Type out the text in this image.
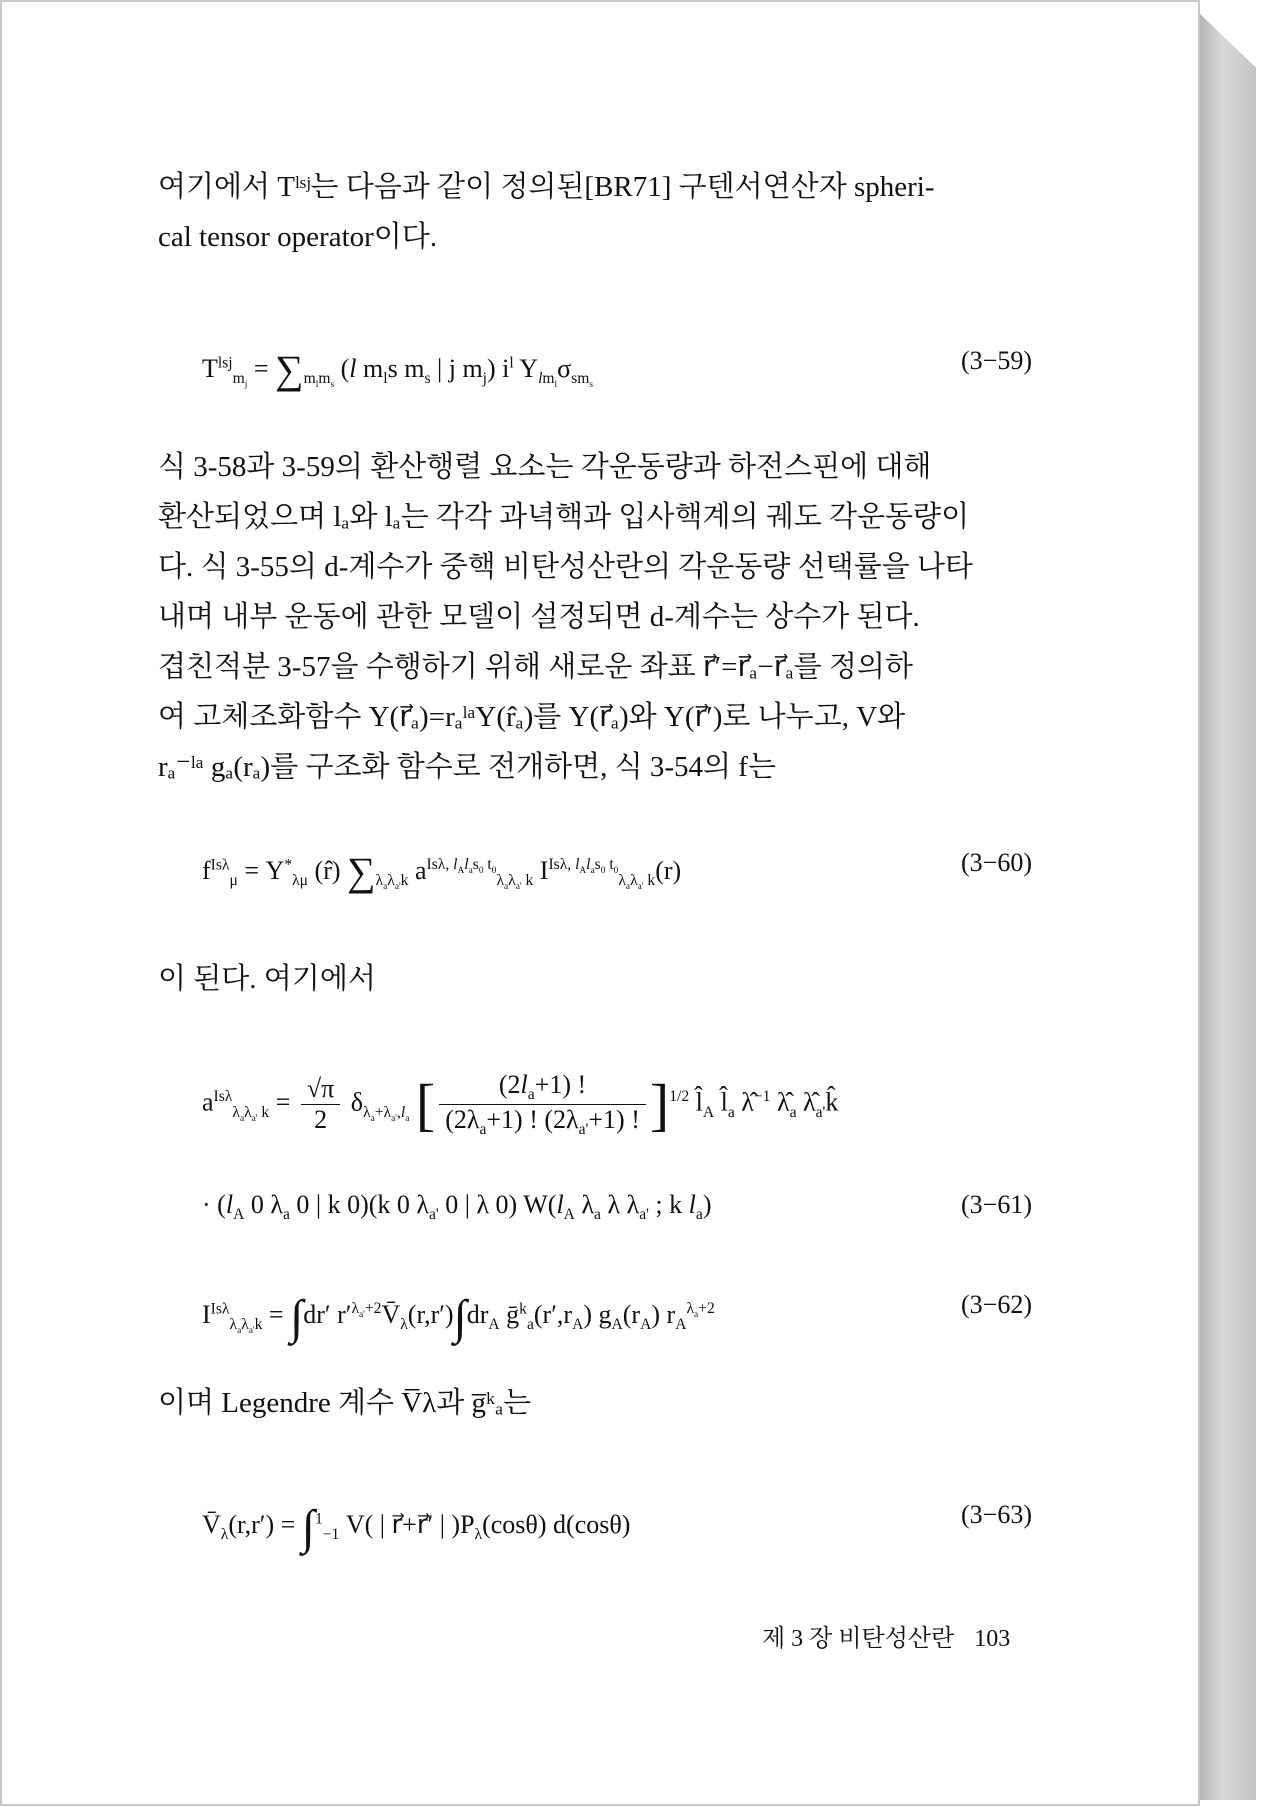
여기에서 Tˡˢʲ는 다음과 같이 정의된[BR71] 구텐서연산자 spheri-
cal tensor operator이다.

$T^{lsj}_{m_j} = \sum_{m_lm_s}$ (l $m_ls$ $m_s$ | j $m_j$) $i^l$ $Y_{lm_l}\sigma_{sm_s}$
(3−59)

식 3-58과 3-59의 환산행렬 요소는 각운동량과 하전스핀에 대해
환산되었으며 lₐ와 lₐ는 각각 과녁핵과 입사핵계의 궤도 각운동량이
다. 식 3-55의 d-계수가 중핵 비탄성산란의 각운동량 선택률을 나타
내며 내부 운동에 관한 모델이 설정되면 d-계수는 상수가 된다.

겹친적분 3-57을 수행하기 위해 새로운 좌표 r⃗′=r⃗ₐ−r⃗ₐ를 정의하
여 고체조화함수 Y(r⃗ₐ)=rₐˡᵃY(r̂ₐ)를 Y(r⃗ₐ)와 Y(r⃗′)로 나누고, V와
rₐ⁻ˡᵃ gₐ(rₐ)를 구조화 함수로 전개하면, 식 3-54의 f는

$f^{Is\lambda}_\mu = Y^*_{\lambda\mu}$ (r̂) $\sum_{\lambda_a\lambda_{a'}k}$ $a^{Is\lambda, l_Al_as_0 t_0}_{\lambda_a\lambda_{a'} k}$ $I^{Is\lambda, l_Al_as_0 t_0}_{\lambda_a\lambda_{a'} k}(r)$	(3−60)

이 된다. 여기에서

$a^{Is\lambda}_{\lambda_a\lambda_{a'} k} = \frac{√\pi}{2} \delta_{\lambda_a+\lambda_{a'},l_a}$ [ $\frac{(2l_a+1) !}{(2\lambda_a+1) ! (2\lambda_{a'}+1) !} ]^{1/2}$ $l̂_A$ $l̂_a$ λ̂$^{-1}$ $\lambdâ_a$ $\lambdâ_{a'}k̂$
· ($l_A$ 0 $\lambda_a$ 0 | k 0)(k 0 $\lambda_{a'}$ 0 | λ 0) $W(l_A$ $\lambda_a$ λ $\lambda_{a'}$ ; k $l_a$)	(3−61)
$I^{Is\lambda}_{\lambda_a\lambda_{a'}k} = \int dr'$ $r'^{\lambda_{a'}+2}V̄_\lambda(r,r')\int dr_A$ $ḡ^k_a(r',r_A)$ $g_A(r_A)$ $r_A^{\lambda_a+2}$	(3−62)

이며 Legendre 계수 V̅λ과 g̅ᵏₐ는

$V̄_\lambda(r,r') = \int^1_{-1}$ V( | r⃗+r⃗′ | )$P_\lambda(\cos\theta)$ d(cosθ)	(3−63)
제 3 장 비탄성산란 103
